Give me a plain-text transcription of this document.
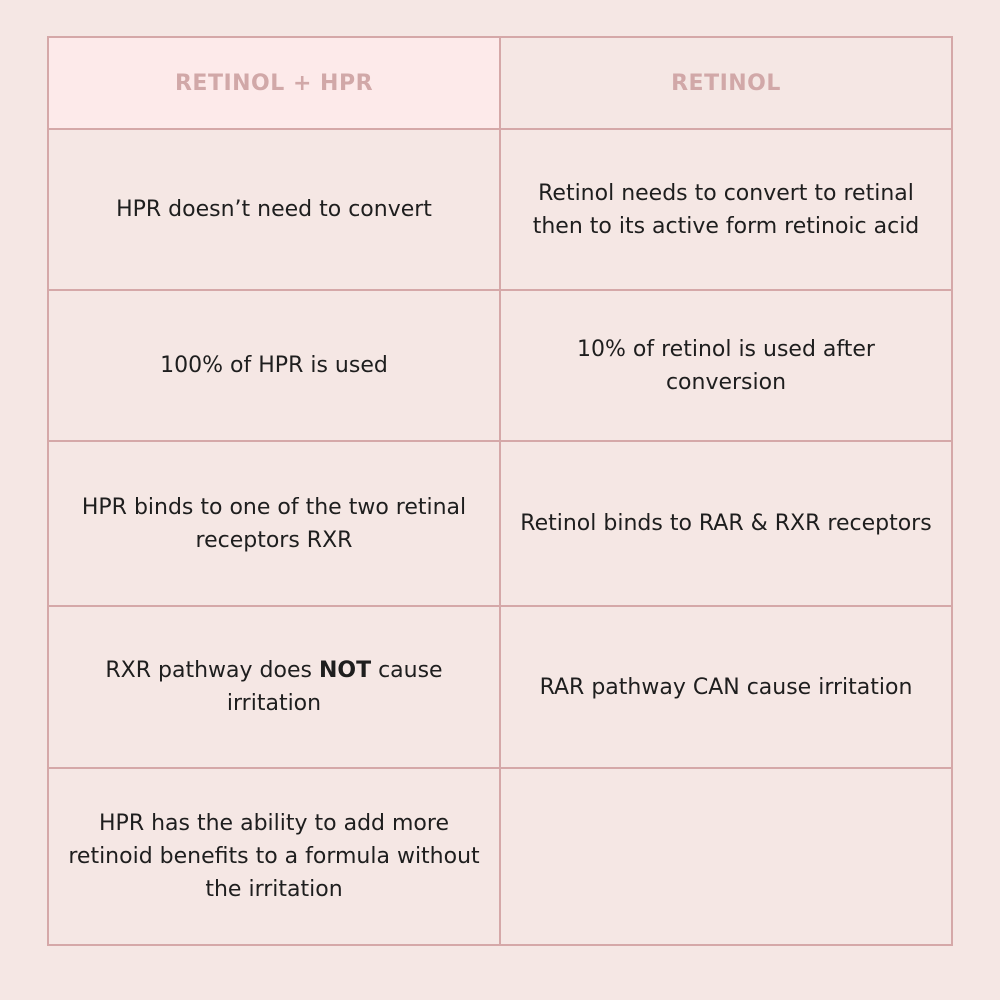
RETINOL + HPR	RETINOL
HPR doesn’t need to convert	Retinol needs to convert to retinal then to its active form retinoic acid
100% of HPR is used	10% of retinol is used after conversion
HPR binds to one of the two retinal receptors RXR	Retinol binds to RAR & RXR receptors
RXR pathway does NOT cause irritation	RAR pathway CAN cause irritation
HPR has the ability to add more retinoid benefits to a formula without the irritation	
